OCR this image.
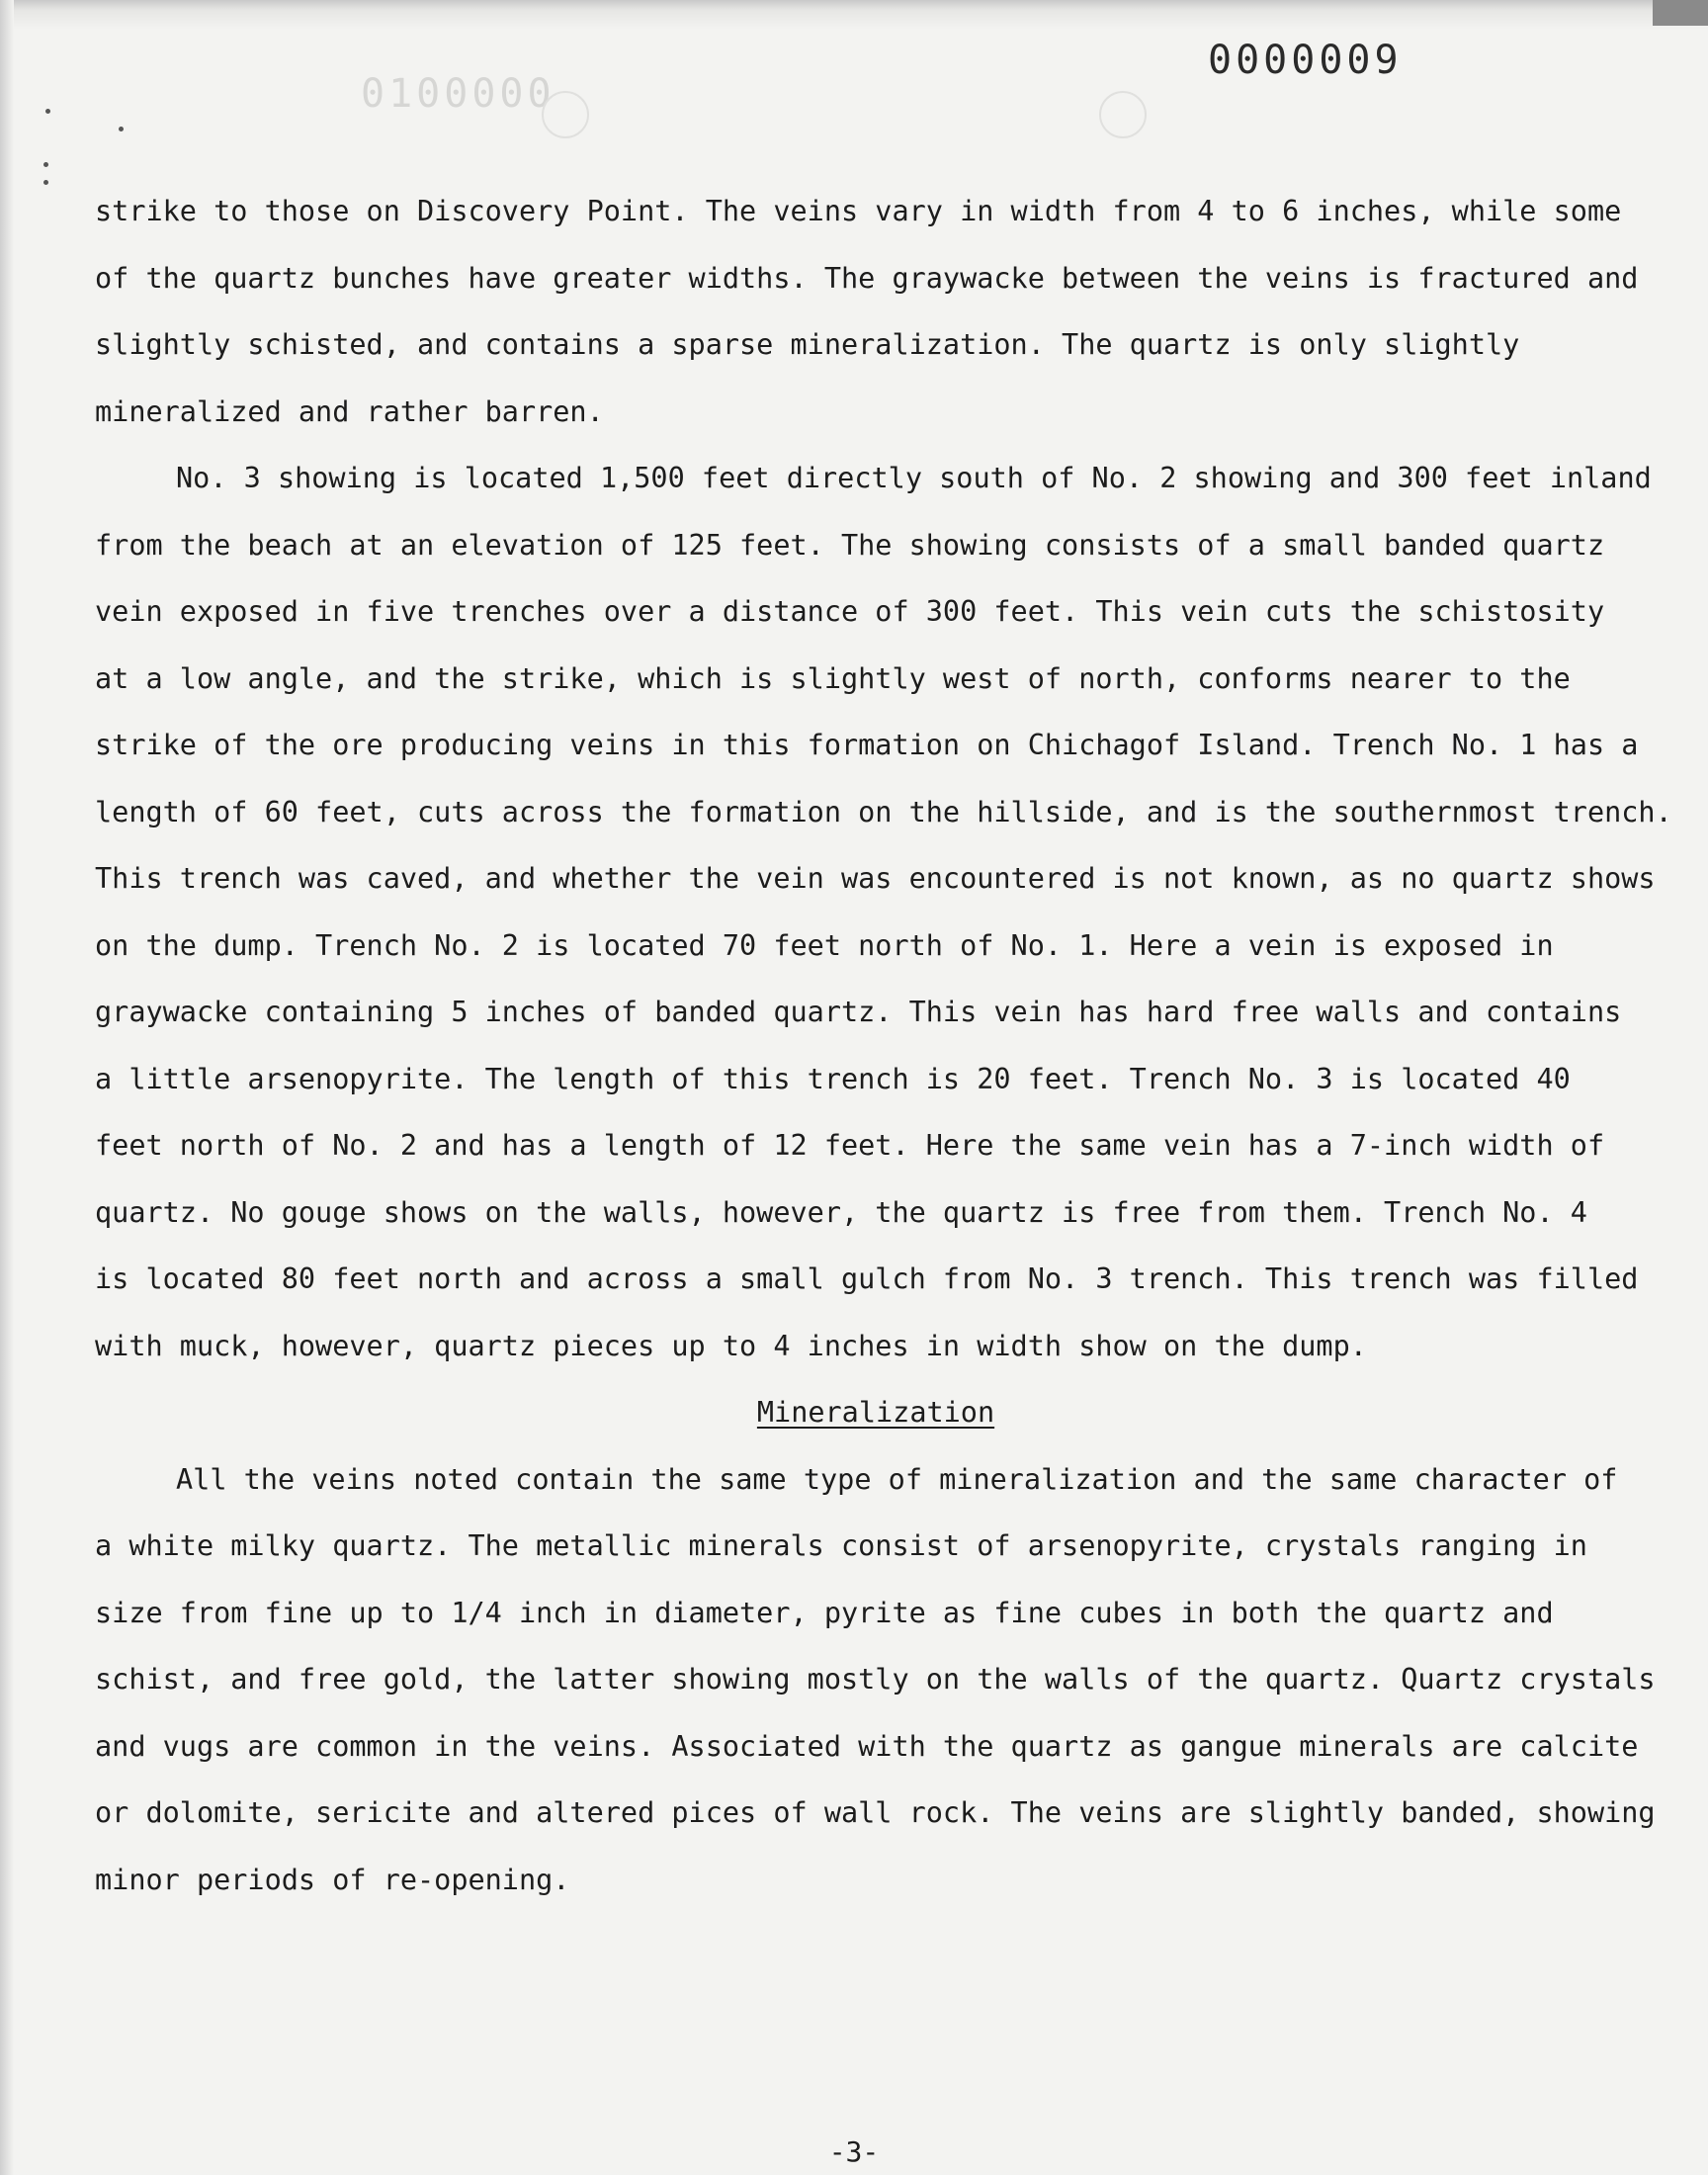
0100000
0000009

strike to those on Discovery Point. The veins vary in width from 4 to 6 inches, while some

of the quartz bunches have greater widths. The graywacke between the veins is fractured and

slightly schisted, and contains a sparse mineralization. The quartz is only slightly

mineralized and rather barren.

No. 3 showing is located 1,500 feet directly south of No. 2 showing and 300 feet inland

from the beach at an elevation of 125 feet. The showing consists of a small banded quartz

vein exposed in five trenches over a distance of 300 feet. This vein cuts the schistosity

at a low angle, and the strike, which is slightly west of north, conforms nearer to the

strike of the ore producing veins in this formation on Chichagof Island. Trench No. 1 has a

length of 60 feet, cuts across the formation on the hillside, and is the southernmost trench.

This trench was caved, and whether the vein was encountered is not known, as no quartz shows

on the dump. Trench No. 2 is located 70 feet north of No. 1. Here a vein is exposed in

graywacke containing 5 inches of banded quartz. This vein has hard free walls and contains

a little arsenopyrite. The length of this trench is 20 feet. Trench No. 3 is located 40

feet north of No. 2 and has a length of 12 feet. Here the same vein has a 7-inch width of

quartz. No gouge shows on the walls, however, the quartz is free from them. Trench No. 4

is located 80 feet north and across a small gulch from No. 3 trench. This trench was filled

with muck, however, quartz pieces up to 4 inches in width show on the dump.

Mineralization

All the veins noted contain the same type of mineralization and the same character of

a white milky quartz. The metallic minerals consist of arsenopyrite, crystals ranging in

size from fine up to 1/4 inch in diameter, pyrite as fine cubes in both the quartz and

schist, and free gold, the latter showing mostly on the walls of the quartz. Quartz crystals

and vugs are common in the veins. Associated with the quartz as gangue minerals are calcite

or dolomite, sericite and altered pices of wall rock. The veins are slightly banded, showing

minor periods of re-opening.

-3-
